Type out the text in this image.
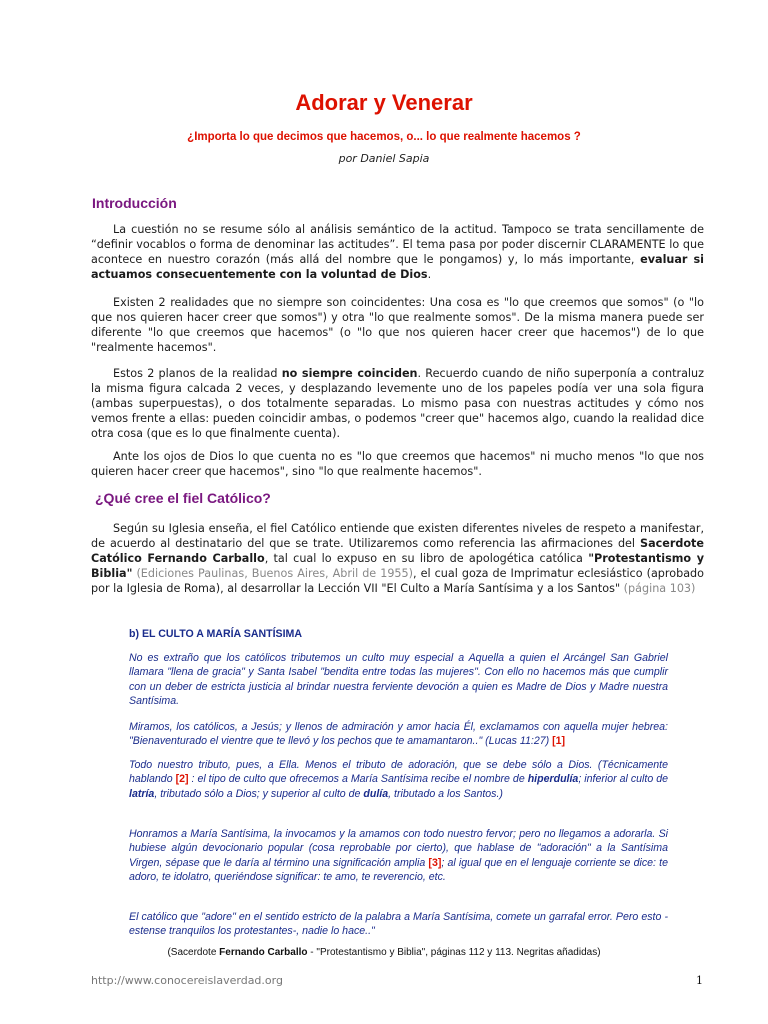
Adorar y Venerar
¿Importa lo que decimos que hacemos, o... lo que realmente hacemos ?
por Daniel Sapia
Introducción
La cuestión no se resume sólo al análisis semántico de la actitud. Tampoco se trata sencillamente de “definir vocablos o forma de denominar las actitudes”. El tema pasa por poder discernir CLARAMENTE lo que acontece en nuestro corazón (más allá del nombre que le pongamos) y, lo más importante, evaluar si actuamos consecuentemente con la voluntad de Dios.
Existen 2 realidades que no siempre son coincidentes: Una cosa es "lo que creemos que somos" (o "lo que nos quieren hacer creer que somos") y otra "lo que realmente somos". De la misma manera puede ser diferente "lo que creemos que hacemos" (o "lo que nos quieren hacer creer que hacemos") de lo que "realmente hacemos".
Estos 2 planos de la realidad no siempre coinciden. Recuerdo cuando de niño superponía a contraluz la misma figura calcada 2 veces, y desplazando levemente uno de los papeles podía ver una sola figura (ambas superpuestas), o dos totalmente separadas. Lo mismo pasa con nuestras actitudes y cómo nos vemos frente a ellas: pueden coincidir ambas, o podemos "creer que" hacemos algo, cuando la realidad dice otra cosa (que es lo que finalmente cuenta).
Ante los ojos de Dios lo que cuenta no es "lo que creemos que hacemos" ni mucho menos "lo que nos quieren hacer creer que hacemos", sino "lo que realmente hacemos".
¿Qué cree el fiel Católico?
Según su Iglesia enseña, el fiel Católico entiende que existen diferentes niveles de respeto a manifestar, de acuerdo al destinatario del que se trate. Utilizaremos como referencia las afirmaciones del Sacerdote Católico Fernando Carballo, tal cual lo expuso en su libro de apologética católica "Protestantismo y Biblia" (Ediciones Paulinas, Buenos Aires, Abril de 1955), el cual goza de Imprimatur eclesiástico (aprobado por la Iglesia de Roma), al desarrollar la Lección VII "El Culto a María Santísima y a los Santos" (página 103)
b) EL CULTO A MARÍA SANTÍSIMA
No es extraño que los católicos tributemos un culto muy especial a Aquella a quien el Arcángel San Gabriel llamara "llena de gracia" y Santa Isabel "bendita entre todas las mujeres". Con ello no hacemos más que cumplir con un deber de estricta justicia al brindar nuestra ferviente devoción a quien es Madre de Dios y Madre nuestra Santísima.
Miramos, los católicos, a Jesús; y llenos de admiración y amor hacia Él, exclamamos con aquella mujer hebrea: "Bienaventurado el vientre que te llevó y los pechos que te amamantaron.." (Lucas 11:27) [1]
Todo nuestro tributo, pues, a Ella. Menos el tributo de adoración, que se debe sólo a Dios. (Técnicamente hablando [2] : el tipo de culto que ofrecemos a María Santísima recibe el nombre de hiperdulía; inferior al culto de latría, tributado sólo a Dios; y superior al culto de dulía, tributado a los Santos.)
Honramos a María Santísima, la invocamos y la amamos con todo nuestro fervor; pero no llegamos a adorarla. Si hubiese algún devocionario popular (cosa reprobable por cierto), que hablase de "adoración" a la Santísima Virgen, sépase que le daría al término una significación amplia [3]; al igual que en el lenguaje corriente se dice: te adoro, te idolatro, queriéndose significar: te amo, te reverencio, etc.
El católico que "adore" en el sentido estricto de la palabra a María Santísima, comete un garrafal error. Pero esto -estense tranquilos los protestantes-, nadie lo hace.."
(Sacerdote Fernando Carballo - "Protestantismo y Biblia", páginas 112 y 113. Negritas añadidas)
http://www.conocereislaverdad.org	1
